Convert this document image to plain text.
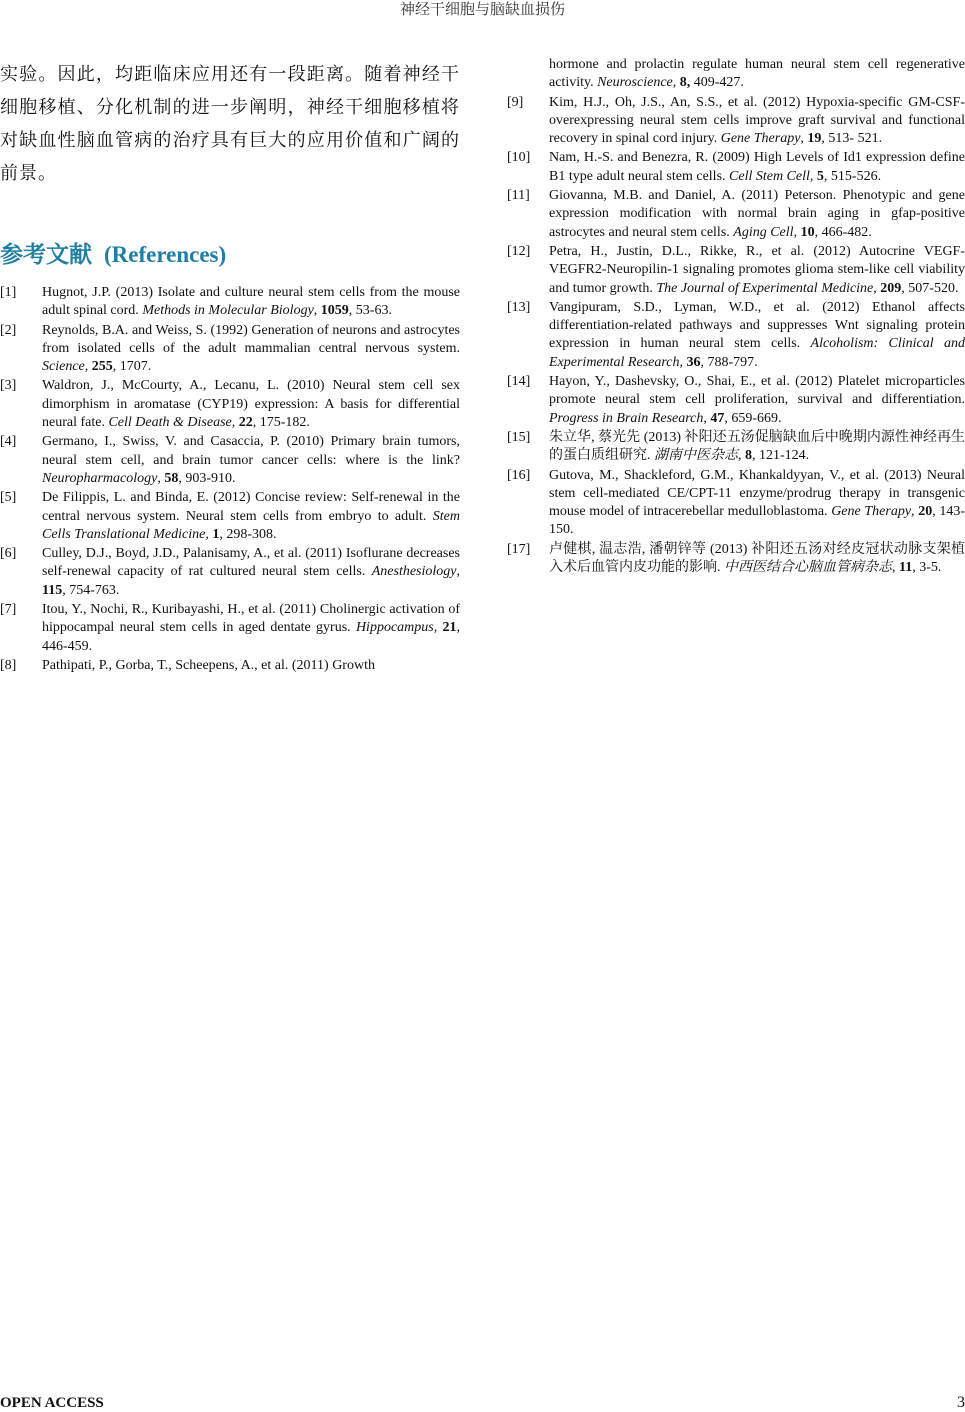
神经干细胞与脑缺血损伤

实验。因此，均距临床应用还有一段距离。随着神经干细胞移植、分化机制的进一步阐明，神经干细胞移植将对缺血性脑血管病的治疗具有巨大的应用价值和广阔的前景。

参考文献 (References)
[1] Hugnot, J.P. (2013) Isolate and culture neural stem cells from the mouse adult spinal cord. Methods in Molecular Biology, 1059, 53-63.
[2] Reynolds, B.A. and Weiss, S. (1992) Generation of neurons and astrocytes from isolated cells of the adult mammalian central nervous system. Science, 255, 1707.
[3] Waldron, J., McCourty, A., Lecanu, L. (2010) Neural stem cell sex dimorphism in aromatase (CYP19) expression: A basis for differential neural fate. Cell Death & Disease, 22, 175-182.
[4] Germano, I., Swiss, V. and Casaccia, P. (2010) Primary brain tumors, neural stem cell, and brain tumor cancer cells: where is the link? Neuropharmacology, 58, 903-910.
[5] De Filippis, L. and Binda, E. (2012) Concise review: Self-renewal in the central nervous system. Neural stem cells from embryo to adult. Stem Cells Translational Medicine, 1, 298-308.
[6] Culley, D.J., Boyd, J.D., Palanisamy, A., et al. (2011) Isoflurane decreases self-renewal capacity of rat cultured neural stem cells. Anesthesiology, 115, 754-763.
[7] Itou, Y., Nochi, R., Kuribayashi, H., et al. (2011) Cholinergic activation of hippocampal neural stem cells in aged dentate gyrus. Hippocampus, 21, 446-459.
[8] Pathipati, P., Gorba, T., Scheepens, A., et al. (2011) Growth
hormone and prolactin regulate human neural stem cell regenerative activity. Neuroscience, 8, 409-427.
[9] Kim, H.J., Oh, J.S., An, S.S., et al. (2012) Hypoxia-specific GM-CSF-overexpressing neural stem cells improve graft survival and functional recovery in spinal cord injury. Gene Therapy, 19, 513- 521.
[10] Nam, H.-S. and Benezra, R. (2009) High Levels of Id1 expression define B1 type adult neural stem cells. Cell Stem Cell, 5, 515-526.
[11] Giovanna, M.B. and Daniel, A. (2011) Peterson. Phenotypic and gene expression modification with normal brain aging in gfap-positive astrocytes and neural stem cells. Aging Cell, 10, 466-482.
[12] Petra, H., Justin, D.L., Rikke, R., et al. (2012) Autocrine VEGF-VEGFR2-Neuropilin-1 signaling promotes glioma stem-like cell viability and tumor growth. The Journal of Experimental Medicine, 209, 507-520.
[13] Vangipuram, S.D., Lyman, W.D., et al. (2012) Ethanol affects differentiation-related pathways and suppresses Wnt signaling protein expression in human neural stem cells. Alcoholism: Clinical and Experimental Research, 36, 788-797.
[14] Hayon, Y., Dashevsky, O., Shai, E., et al. (2012) Platelet microparticles promote neural stem cell proliferation, survival and differentiation. Progress in Brain Research, 47, 659-669.
[15] 朱立华, 蔡光先 (2013) 补阳还五汤促脑缺血后中晚期内源性神经再生的蛋白质组研究. 湖南中医杂志, 8, 121-124.
[16] Gutova, M., Shackleford, G.M., Khankaldyyan, V., et al. (2013) Neural stem cell-mediated CE/CPT-11 enzyme/prodrug therapy in transgenic mouse model of intracerebellar medulloblastoma. Gene Therapy, 20, 143-150.
[17] 卢健棋, 温志浩, 潘朝锌等 (2013) 补阳还五汤对经皮冠状动脉支架植入术后血管内皮功能的影响. 中西医结合心脑血管病杂志, 11, 3-5.
OPEN ACCESS	3
